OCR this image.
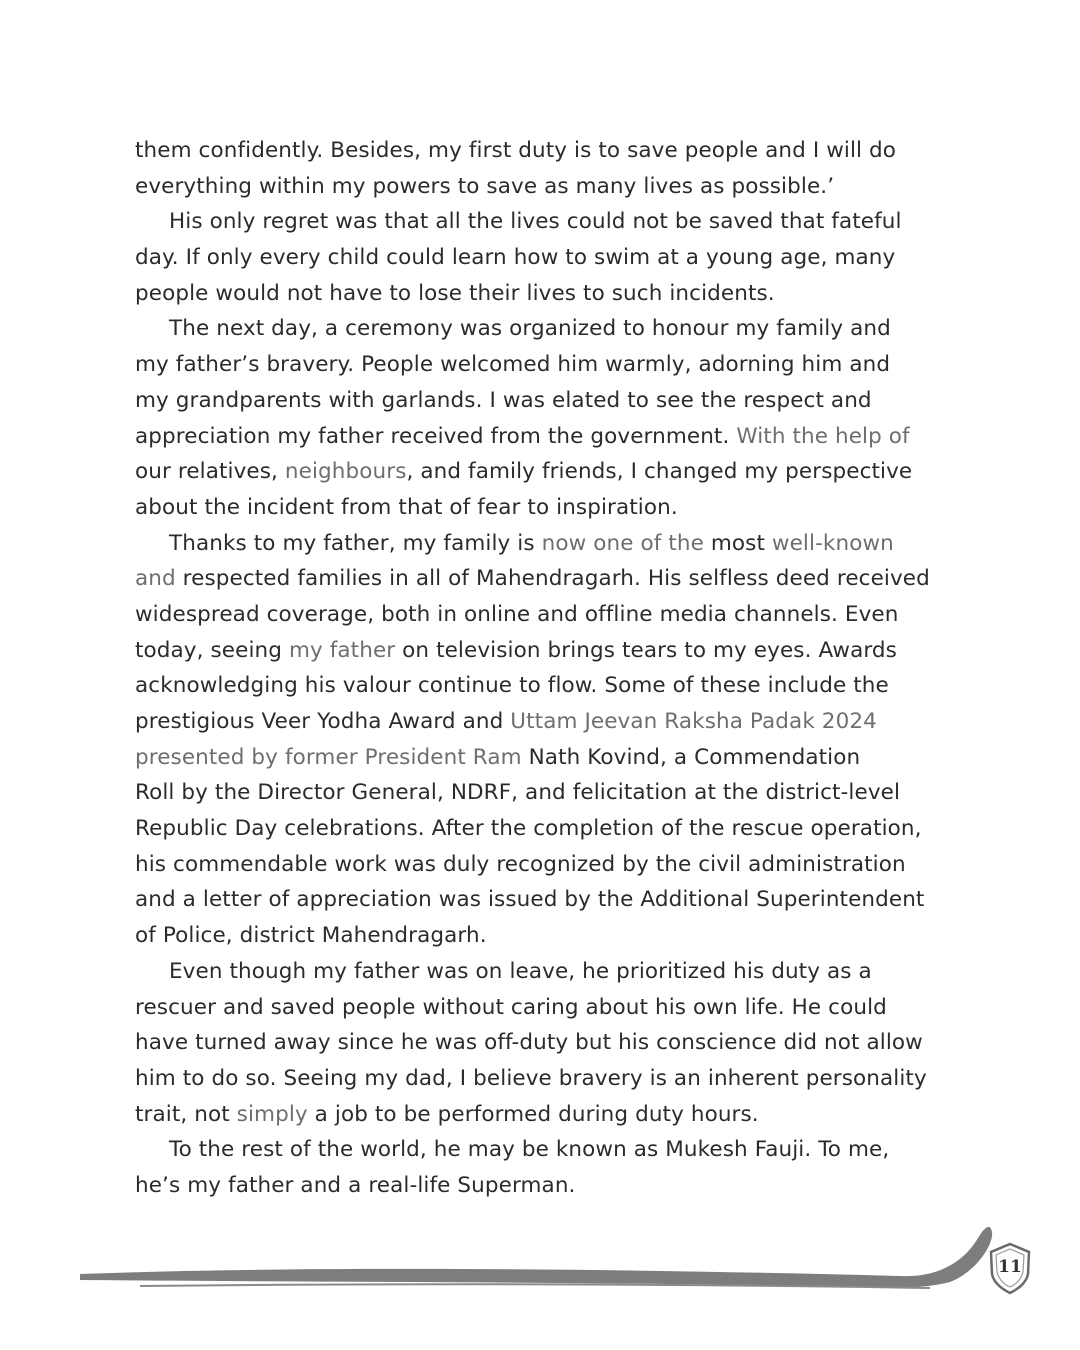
them confidently. Besides, my first duty is to save people and I will do
everything within my powers to save as many lives as possible.’
His only regret was that all the lives could not be saved that fateful
day. If only every child could learn how to swim at a young age, many
people would not have to lose their lives to such incidents.
The next day, a ceremony was organized to honour my family and
my father’s bravery. People welcomed him warmly, adorning him and
my grandparents with garlands. I was elated to see the respect and
appreciation my father received from the government. With the help of
our relatives, neighbours, and family friends, I changed my perspective
about the incident from that of fear to inspiration.
Thanks to my father, my family is now one of the most well-known
and respected families in all of Mahendragarh. His selfless deed received
widespread coverage, both in online and offline media channels. Even
today, seeing my father on television brings tears to my eyes. Awards
acknowledging his valour continue to flow. Some of these include the
prestigious Veer Yodha Award and Uttam Jeevan Raksha Padak 2024
presented by former President Ram Nath Kovind, a Commendation
Roll by the Director General, NDRF, and felicitation at the district-level
Republic Day celebrations. After the completion of the rescue operation,
his commendable work was duly recognized by the civil administration
and a letter of appreciation was issued by the Additional Superintendent
of Police, district Mahendragarh.
Even though my father was on leave, he prioritized his duty as a
rescuer and saved people without caring about his own life. He could
have turned away since he was off-duty but his conscience did not allow
him to do so. Seeing my dad, I believe bravery is an inherent personality
trait, not simply a job to be performed during duty hours.
To the rest of the world, he may be known as Mukesh Fauji. To me,
he’s my father and a real-life Superman.
11
